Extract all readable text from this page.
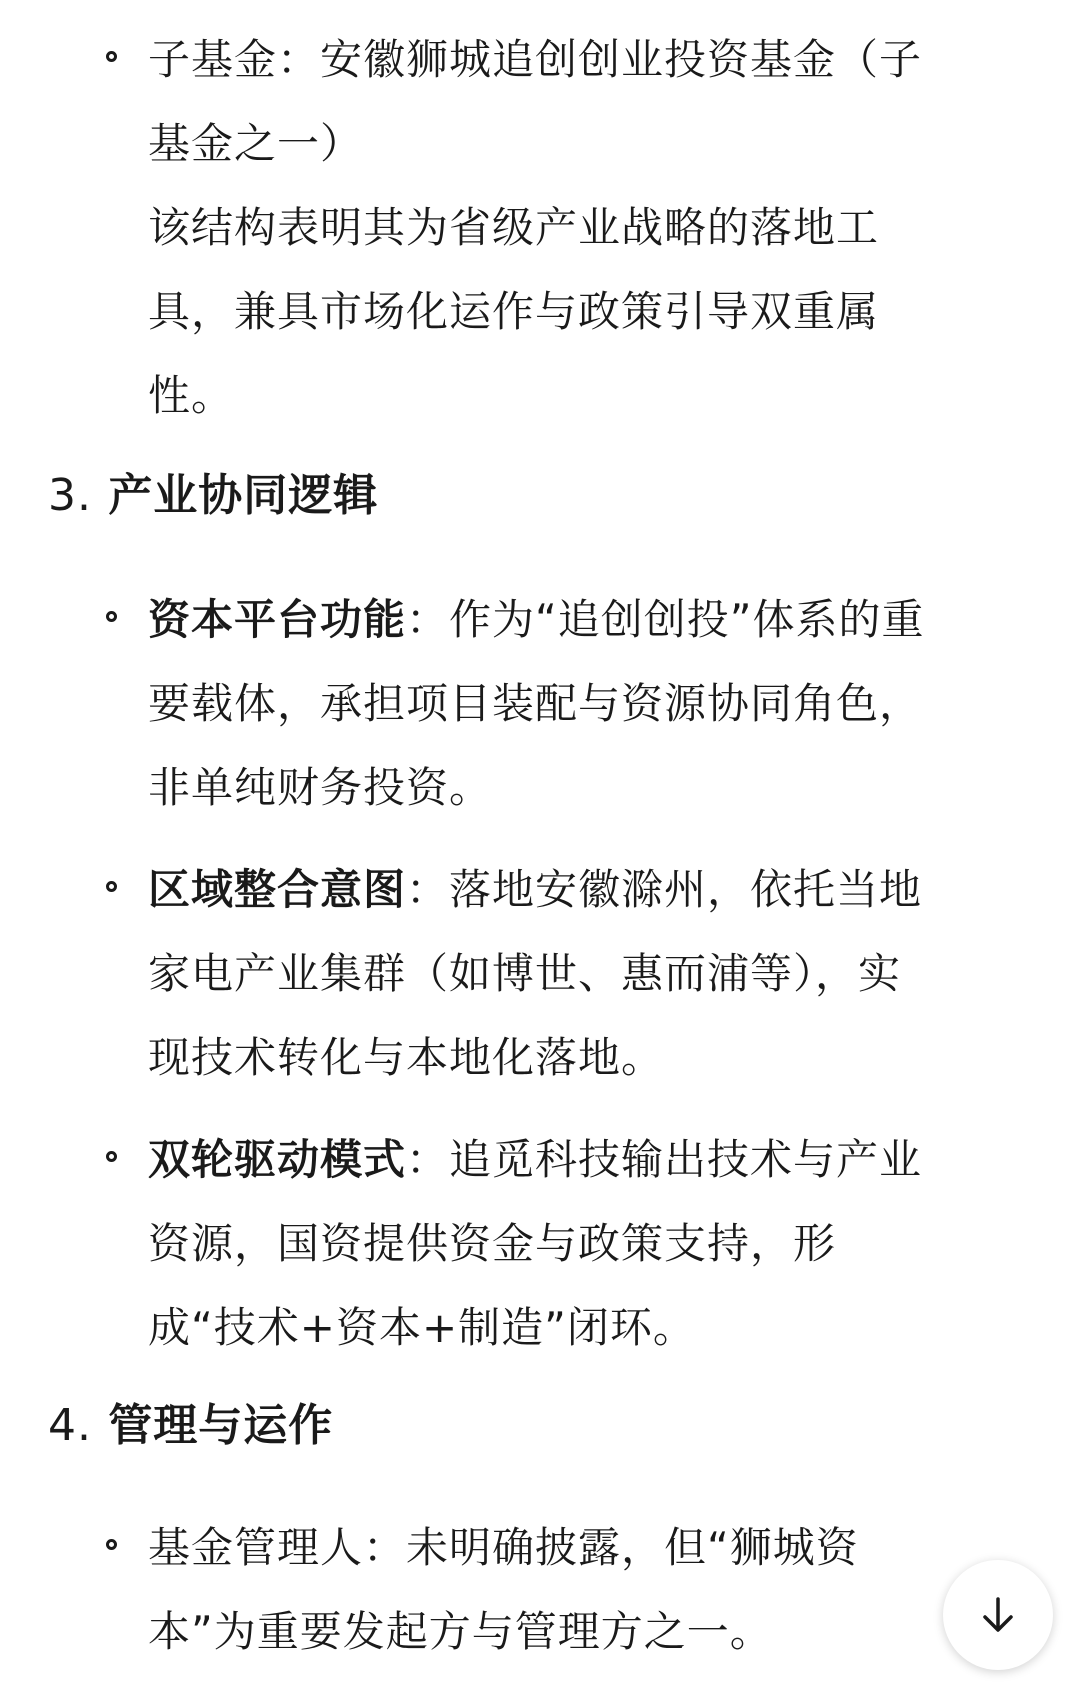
子基金：安徽狮城追创创业投资基金（子
基金之一）
该结构表明其为省级产业战略的落地工
具，兼具市场化运作与政策引导双重属
性。
3. 产业协同逻辑
资本平台功能：作为“追创创投”体系的重
要载体，承担项目装配与资源协同角色，
非单纯财务投资。
区域整合意图：落地安徽滁州，依托当地
家电产业集群（如博世、惠而浦等），实
现技术转化与本地化落地。
双轮驱动模式：追觅科技输出技术与产业
资源，国资提供资金与政策支持，形
成“技术+资本+制造”闭环。
4. 管理与运作
基金管理人：未明确披露，但“狮城资
本”为重要发起方与管理方之一。
